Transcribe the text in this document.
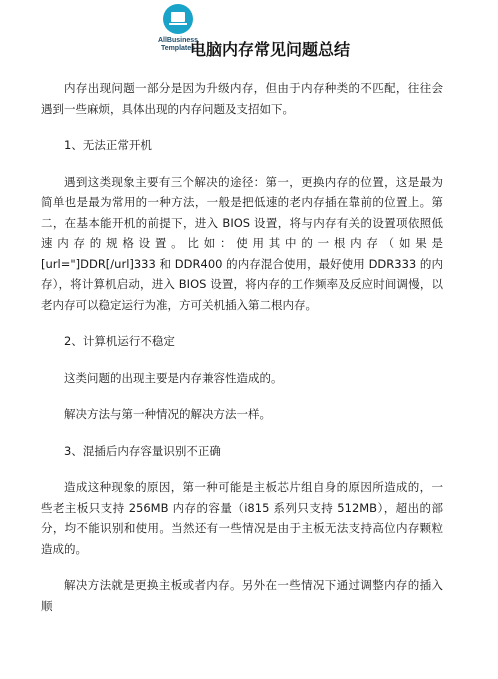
AllBusiness
Templates
电脑内存常见问题总结

内存出现问题一部分是因为升级内存，但由于内存种类的不匹配，往往会遇到一些麻烦，具体出现的内存问题及支招如下。

1、无法正常开机

遇到这类现象主要有三个解决的途径：第一，更换内存的位置，这是最为简单也是最为常用的一种方法，一般是把低速的老内存插在靠前的位置上。第二，在基本能开机的前提下，进入 BIOS 设置，将与内存有关的设置项依照低速内存的规格设置。比如：使用其中的一根内存（如果是[url="]DDR[/url]333 和 DDR400 的内存混合使用，最好使用 DDR333 的内存），将计算机启动，进入 BIOS 设置，将内存的工作频率及反应时间调慢，以老内存可以稳定运行为准，方可关机插入第二根内存。

2、计算机运行不稳定

这类问题的出现主要是内存兼容性造成的。

解决方法与第一种情况的解决方法一样。

3、混插后内存容量识别不正确

造成这种现象的原因，第一种可能是主板芯片组自身的原因所造成的，一些老主板只支持 256MB 内存的容量（i815 系列只支持 512MB），超出的部分，均不能识别和使用。当然还有一些情况是由于主板无法支持高位内存颗粒造成的。

解决方法就是更换主板或者内存。另外在一些情况下通过调整内存的插入顺
